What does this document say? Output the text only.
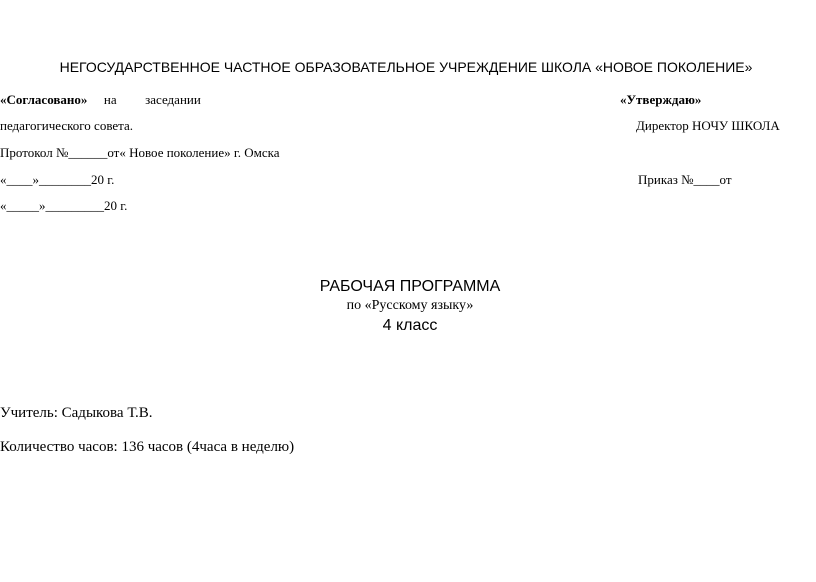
НЕГОСУДАРСТВЕННОЕ ЧАСТНОЕ ОБРАЗОВАТЕЛЬНОЕ УЧРЕЖДЕНИЕ ШКОЛА «НОВОЕ ПОКОЛЕНИЕ»
«Согласовано» на заседании
педагогического совета.
Протокол №______от« Новое поколение» г. Омска
«____»________20 г.
«_____»_________20 г.
«Утверждаю»
Директор НОЧУ ШКОЛА
Приказ №____от
РАБОЧАЯ ПРОГРАММА
по «Русскому языку»
4 класс
Учитель: Садыкова Т.В.
Количество часов: 136 часов (4часа в неделю)
